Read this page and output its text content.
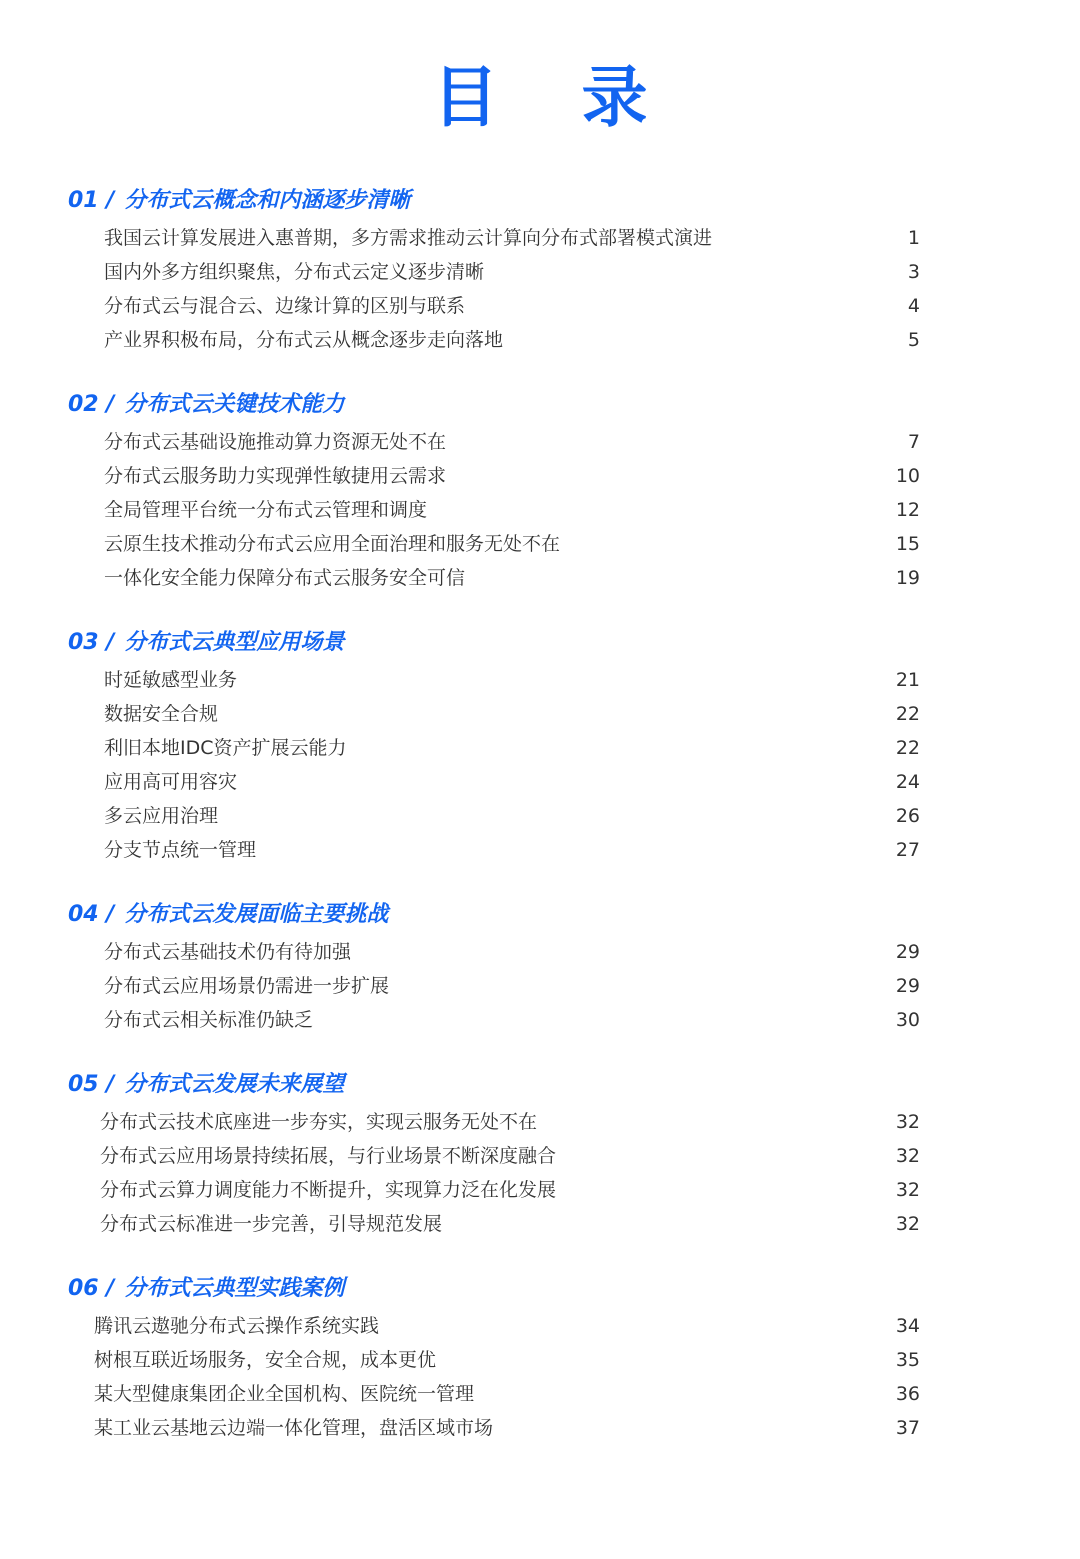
目 录
01 / 分布式云概念和内涵逐步清晰
我国云计算发展进入惠普期，多方需求推动云计算向分布式部署模式演进	1
国内外多方组织聚焦，分布式云定义逐步清晰	3
分布式云与混合云、边缘计算的区别与联系	4
产业界积极布局，分布式云从概念逐步走向落地	5
02 / 分布式云关键技术能力
分布式云基础设施推动算力资源无处不在	7
分布式云服务助力实现弹性敏捷用云需求	10
全局管理平台统一分布式云管理和调度	12
云原生技术推动分布式云应用全面治理和服务无处不在	15
一体化安全能力保障分布式云服务安全可信	19
03 / 分布式云典型应用场景
时延敏感型业务	21
数据安全合规	22
利旧本地IDC资产扩展云能力	22
应用高可用容灾	24
多云应用治理	26
分支节点统一管理	27
04 / 分布式云发展面临主要挑战
分布式云基础技术仍有待加强	29
分布式云应用场景仍需进一步扩展	29
分布式云相关标准仍缺乏	30
05 / 分布式云发展未来展望
分布式云技术底座进一步夯实，实现云服务无处不在	32
分布式云应用场景持续拓展，与行业场景不断深度融合	32
分布式云算力调度能力不断提升，实现算力泛在化发展	32
分布式云标准进一步完善，引导规范发展	32
06 / 分布式云典型实践案例
腾讯云遨驰分布式云操作系统实践	34
树根互联近场服务，安全合规，成本更优	35
某大型健康集团企业全国机构、医院统一管理	36
某工业云基地云边端一体化管理，盘活区域市场	37
